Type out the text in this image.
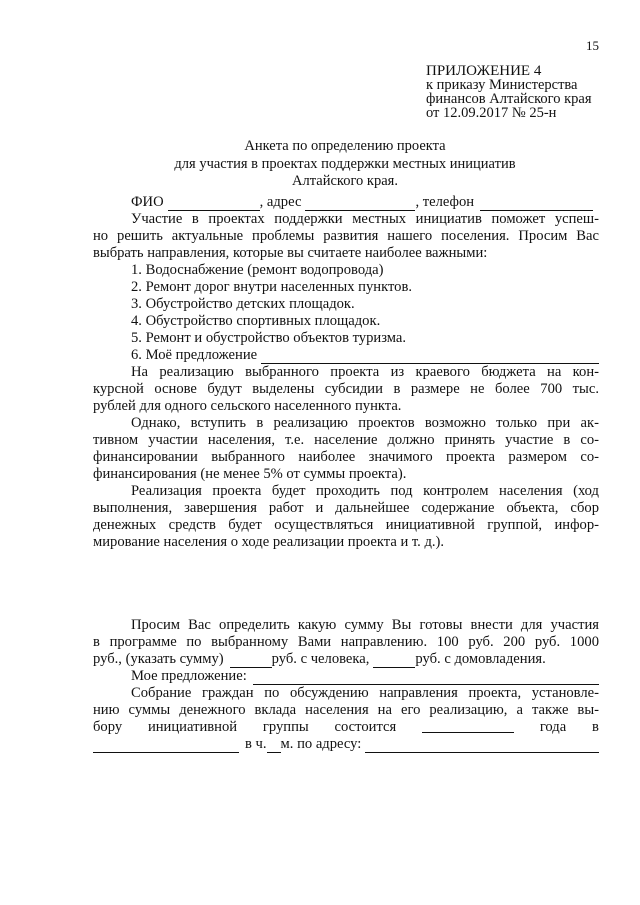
15
ПРИЛОЖЕНИЕ 4
к приказу Министерства
финансов Алтайского края
от 12.09.2017 № 25-н
Анкета по определению проекта
для участия в проектах поддержки местных инициатив
Алтайского края.
ФИО	, адрес	, телефон
Участие в проектах поддержки местных инициатив поможет успеш-
но решить актуальные проблемы развития нашего поселения. Просим Вас
выбрать направления, которые вы считаете наиболее важными:
1. Водоснабжение (ремонт водопровода)
2. Ремонт дорог внутри населенных пунктов.
3. Обустройство детских площадок.
4. Обустройство спортивных площадок.
5. Ремонт и обустройство объектов туризма.
6. Моё предложение
На реализацию выбранного проекта из краевого бюджета на кон-
курсной основе будут выделены субсидии в размере не более 700 тыс.
рублей для одного сельского населенного пункта.
Однако, вступить в реализацию проектов возможно только при ак-
тивном участии населения, т.е. население должно принять участие в со-
финансировании выбранного наиболее значимого проекта размером со-
финансирования (не менее 5% от суммы проекта).
Реализация проекта будет проходить под контролем населения (ход
выполнения, завершения работ и дальнейшее содержание объекта, сбор
денежных средств будет осуществляться инициативной группой, инфор-
мирование населения о ходе реализации проекта и т. д.).
Просим Вас определить какую сумму Вы готовы внести для участия
в программе по выбранному Вами направлению. 100 руб. 200 руб. 1000
руб., (указать сумму)	руб. с человека,	руб. с домовладения.
Мое предложение:
Собрание граждан по обсуждению направления проекта, установле-
нию суммы денежного вклада населения на его реализацию, а также вы-
бору инициативной группы состоится	года в
в ч. м. по адресу:
